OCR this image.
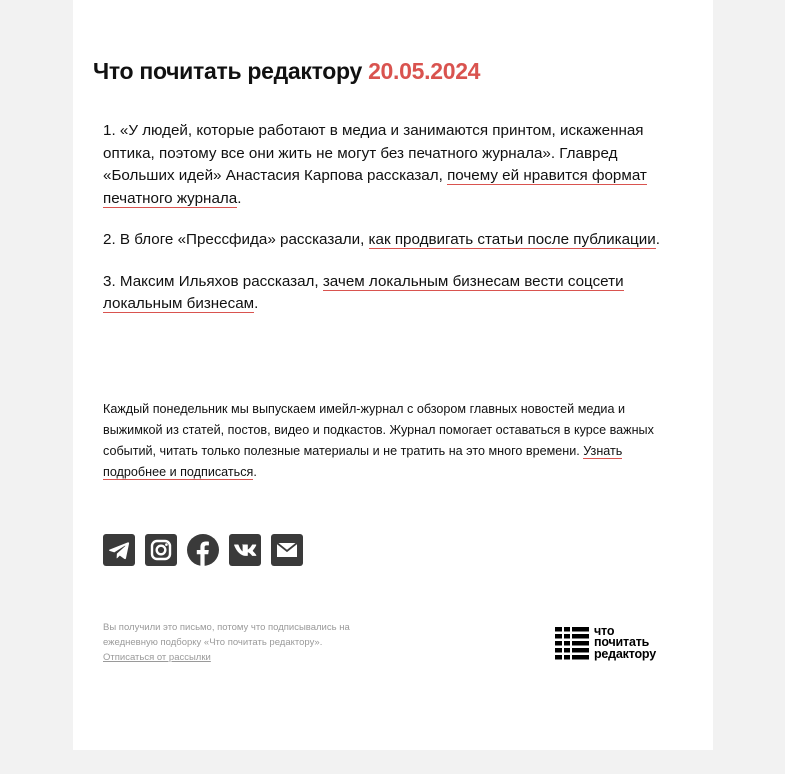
Что почитать редактору 20.05.2024

1. «У людей, которые работают в медиа и занимаются принтом, искаженная оптика, поэтому все они жить не могут без печатного журнала». Главред «Больших идей» Анастасия Карпова рассказал, почему ей нравится формат печатного журнала.

2. В блоге «Прессфида» рассказали, как продвигать статьи после публикации.

3. Максим Ильяхов рассказал, зачем локальным бизнесам вести соцсети локальным бизнесам.

Каждый понедельник мы выпускаем имейл-журнал с обзором главных новостей медиа и выжимкой из статей, постов, видео и подкастов. Журнал помогает оставаться в курсе важных событий, читать только полезные материалы и не тратить на это много времени. Узнать подробнее и подписаться.

Вы получили это письмо, потому что подписывались на ежедневную подборку «Что почитать редактору».
Отписаться от рассылки

что
почитать
редактору
